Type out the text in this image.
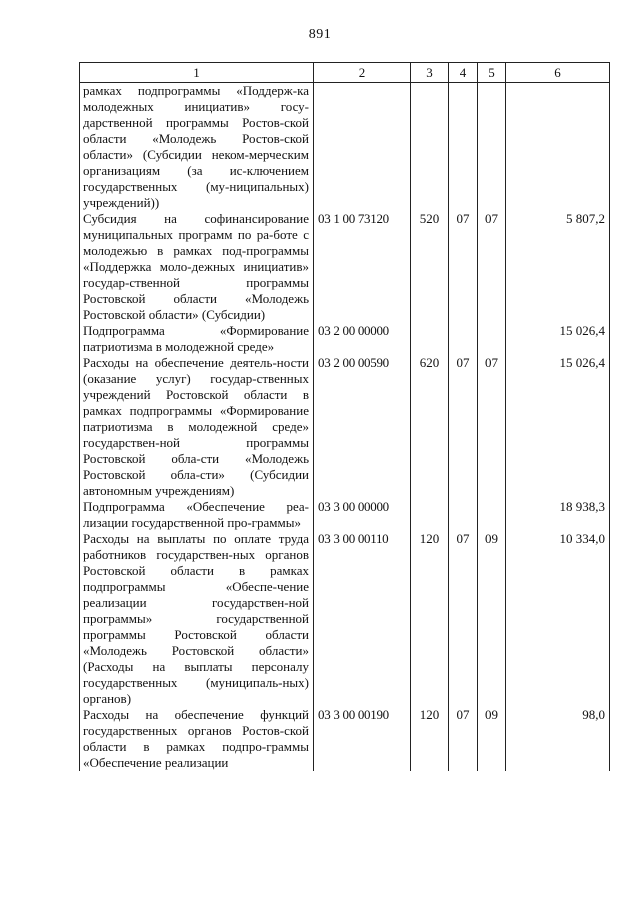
891
1	2	3	4	5	6
рамках подпрограммы «Поддерж-ка молодежных инициатив» госу-дарственной программы Ростов-ской области «Молодежь Ростов-ской области» (Субсидии неком-мерческим организациям (за ис-ключением государственных (му-ниципальных) учреждений))					
Субсидия на софинансирование муниципальных программ по ра-боте с молодежью в рамках под-программы «Поддержка моло-дежных инициатив» государ-ственной программы Ростовской области «Молодежь Ростовской области» (Субсидии)	03 1 00 73120	520	07	07	5 807,2
Подпрограмма «Формирование патриотизма в молодежной среде»	03 2 00 00000				15 026,4
Расходы на обеспечение деятель-ности (оказание услуг) государ-ственных учреждений Ростовской области в рамках подпрограммы «Формирование патриотизма в молодежной среде» государствен-ной программы Ростовской обла-сти «Молодежь Ростовской обла-сти» (Субсидии автономным учреждениям)	03 2 00 00590	620	07	07	15 026,4
Подпрограмма «Обеспечение реа-лизации государственной про-граммы»	03 3 00 00000				18 938,3
Расходы на выплаты по оплате труда работников государствен-ных органов Ростовской области в рамках подпрограммы «Обеспе-чение реализации государствен-ной программы» государственной программы Ростовской области «Молодежь Ростовской области» (Расходы на выплаты персоналу государственных (муниципаль-ных) органов)	03 3 00 00110	120	07	09	10 334,0
Расходы на обеспечение функций государственных органов Ростов-ской области в рамках подпро-граммы «Обеспечение реализации	03 3 00 00190	120	07	09	98,0
